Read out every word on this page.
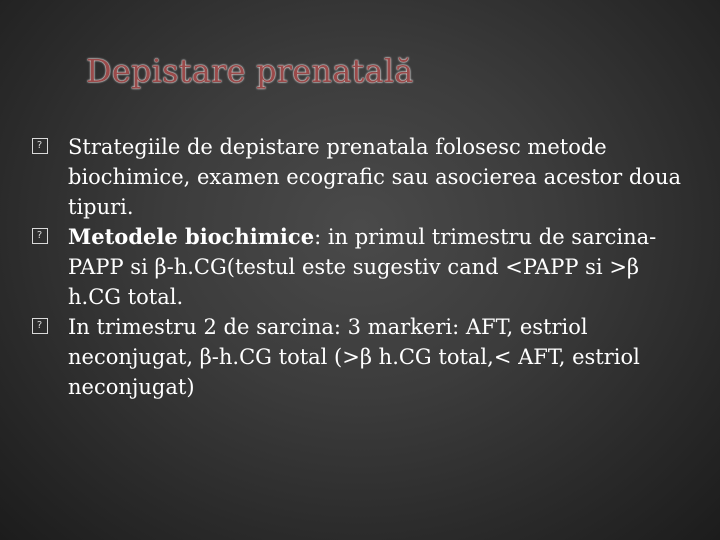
Depistare prenatală
?
Strategiile de depistare prenatala folosesc metode biochimice, examen ecografic sau asocierea acestor doua tipuri.
?
Metodele biochimice: in primul trimestru de sarcina-PAPP si β-h.CG(testul este sugestiv cand <PAPP si >β h.CG total.
?
In trimestru 2 de sarcina: 3 markeri: AFT, estriol neconjugat, β-h.CG total (>β h.CG total,< AFT, estriol neconjugat)
